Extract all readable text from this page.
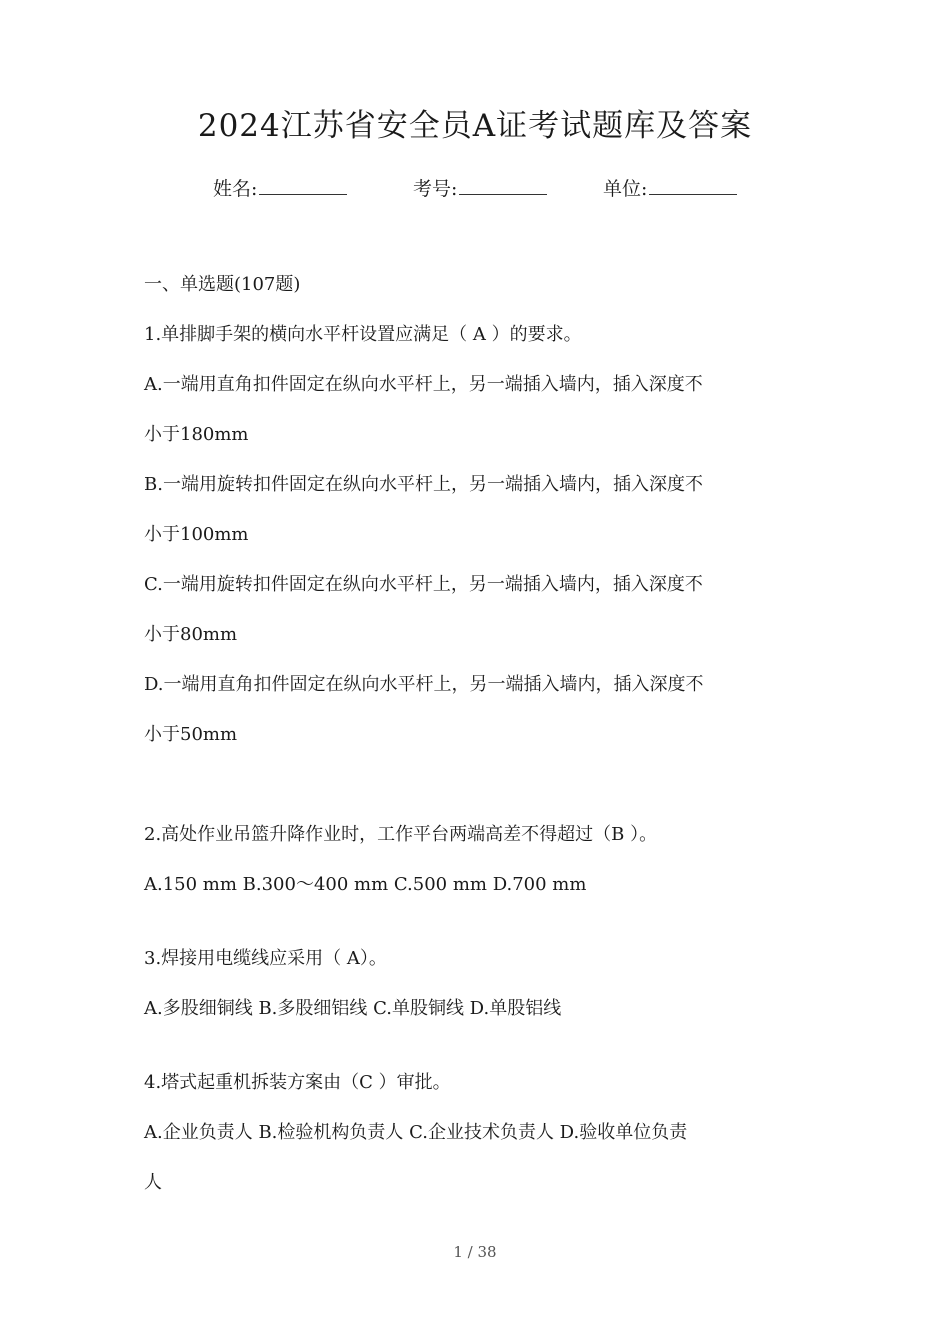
2024江苏省安全员A证考试题库及答案
姓名:	考号:	单位:
一、单选题(107题)
1.单排脚手架的横向水平杆设置应满足（ A ）的要求。
A.一端用直角扣件固定在纵向水平杆上，另一端插入墙内，插入深度不
小于180mm
B.一端用旋转扣件固定在纵向水平杆上，另一端插入墙内，插入深度不
小于100mm
C.一端用旋转扣件固定在纵向水平杆上，另一端插入墙内，插入深度不
小于80mm
D.一端用直角扣件固定在纵向水平杆上，另一端插入墙内，插入深度不
小于50mm
2.高处作业吊篮升降作业时，工作平台两端高差不得超过（B ）。
A.150 mm B.300～400 mm C.500 mm D.700 mm
3.焊接用电缆线应采用（ A）。
A.多股细铜线 B.多股细铝线 C.单股铜线 D.单股铝线
4.塔式起重机拆装方案由（C ）审批。
A.企业负责人 B.检验机构负责人 C.企业技术负责人 D.验收单位负责
人
1 / 38
